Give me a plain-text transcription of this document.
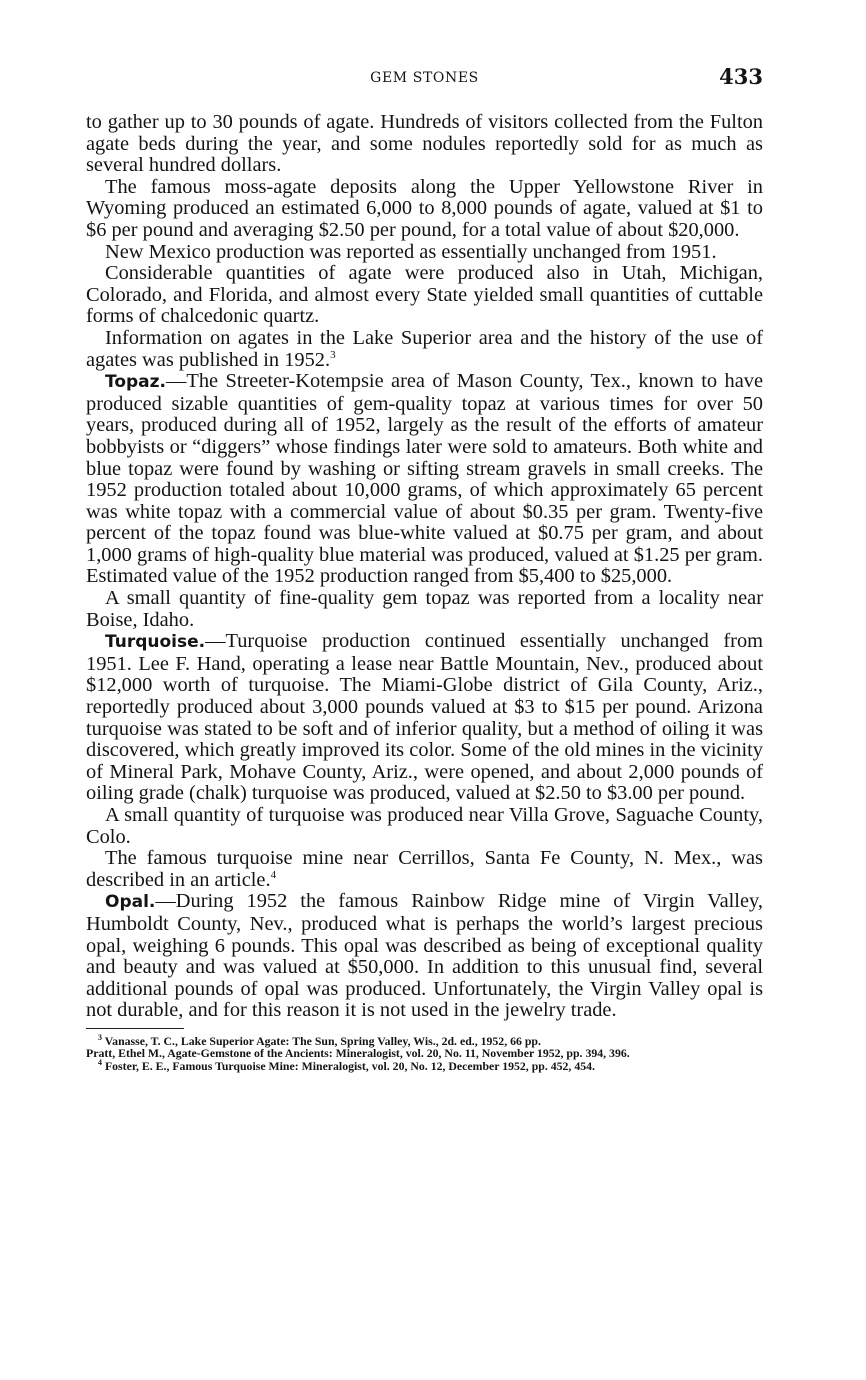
GEM STONES	433

to gather up to 30 pounds of agate. Hundreds of visitors collected from the Fulton agate beds during the year, and some nodules reportedly sold for as much as several hundred dollars.

The famous moss-agate deposits along the Upper Yellowstone River in Wyoming produced an estimated 6,000 to 8,000 pounds of agate, valued at $1 to $6 per pound and averaging $2.50 per pound, for a total value of about $20,000.

New Mexico production was reported as essentially unchanged from 1951.

Considerable quantities of agate were produced also in Utah, Michigan, Colorado, and Florida, and almost every State yielded small quantities of cuttable forms of chalcedonic quartz.

Information on agates in the Lake Superior area and the history of the use of agates was published in 1952.$^3$

Topaz.—The Streeter-Kotempsie area of Mason County, Tex., known to have produced sizable quantities of gem-quality topaz at various times for over 50 years, produced during all of 1952, largely as the result of the efforts of amateur bobbyists or “diggers” whose findings later were sold to amateurs. Both white and blue topaz were found by washing or sifting stream gravels in small creeks. The 1952 production totaled about 10,000 grams, of which approximately 65 percent was white topaz with a commercial value of about $0.35 per gram. Twenty-five percent of the topaz found was blue-white valued at $0.75 per gram, and about 1,000 grams of high-quality blue material was produced, valued at $1.25 per gram. Estimated value of the 1952 production ranged from $5,400 to $25,000.

A small quantity of fine-quality gem topaz was reported from a locality near Boise, Idaho.

Turquoise.—Turquoise production continued essentially unchanged from 1951. Lee F. Hand, operating a lease near Battle Mountain, Nev., produced about $12,000 worth of turquoise. The Miami-Globe district of Gila County, Ariz., reportedly produced about 3,000 pounds valued at $3 to $15 per pound. Arizona turquoise was stated to be soft and of inferior quality, but a method of oiling it was discovered, which greatly improved its color. Some of the old mines in the vicinity of Mineral Park, Mohave County, Ariz., were opened, and about 2,000 pounds of oiling grade (chalk) turquoise was produced, valued at $2.50 to $3.00 per pound.

A small quantity of turquoise was produced near Villa Grove, Saguache County, Colo.

The famous turquoise mine near Cerrillos, Santa Fe County, N. Mex., was described in an article.$^4$

Opal.—During 1952 the famous Rainbow Ridge mine of Virgin Valley, Humboldt County, Nev., produced what is perhaps the world’s largest precious opal, weighing 6 pounds. This opal was described as being of exceptional quality and beauty and was valued at $50,000. In addition to this unusual find, several additional pounds of opal was produced. Unfortunately, the Virgin Valley opal is not durable, and for this reason it is not used in the jewelry trade.

$^3$ Vanasse, T. C., Lake Superior Agate: The Sun, Spring Valley, Wis., 2d. ed., 1952, 66 pp.

Pratt, Ethel M., Agate-Gemstone of the Ancients: Mineralogist, vol. 20, No. 11, November 1952, pp. 394, 396.

$^4$ Foster, E. E., Famous Turquoise Mine: Mineralogist, vol. 20, No. 12, December 1952, pp. 452, 454.
